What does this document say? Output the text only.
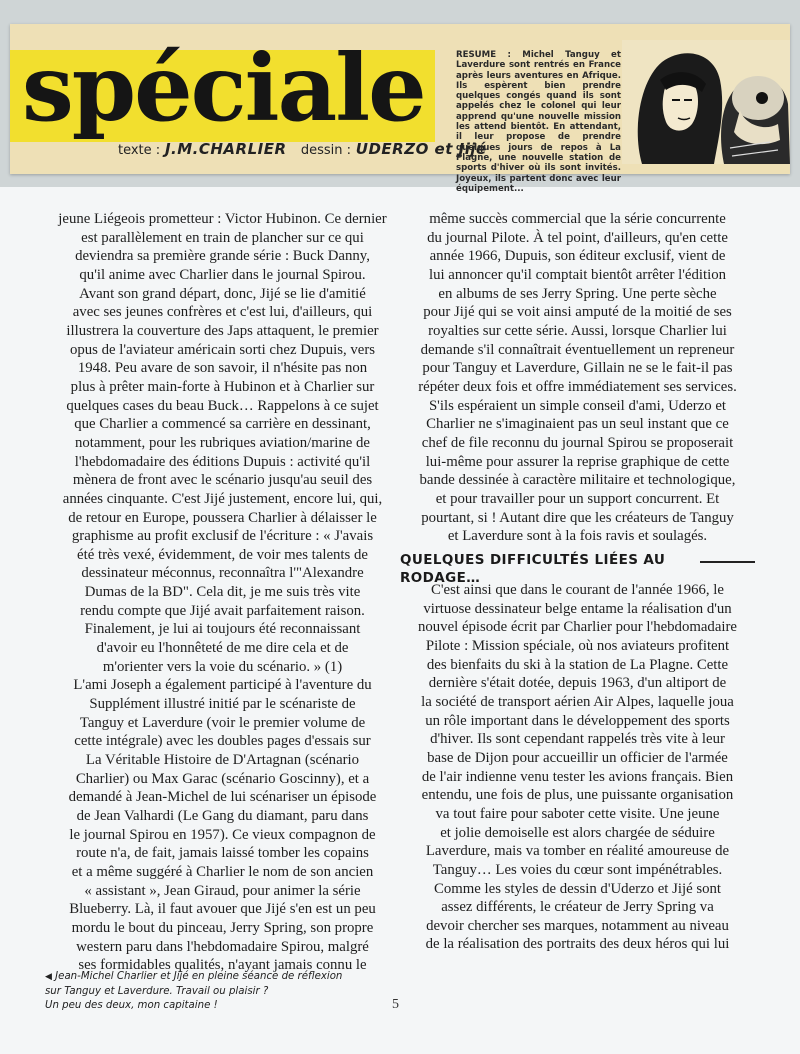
spéciale
texte : J.M.CHARLIER dessin : UDERZO et Jijé
RESUME : Michel Tanguy et Laverdure sont rentrés en France après leurs aventures en Afrique. Ils espèrent bien prendre quelques congés quand ils sont appelés chez le colonel qui leur apprend qu'une nouvelle mission les attend bientôt. En attendant, il leur propose de prendre quelques jours de repos à La Plagne, une nouvelle station de sports d'hiver où ils sont invités. Joyeux, ils partent donc avec leur équipement...
jeune Liégeois prometteur : Victor Hubinon. Ce dernier
est parallèlement en train de plancher sur ce qui
deviendra sa première grande série : Buck Danny,
qu'il anime avec Charlier dans le journal Spirou.
Avant son grand départ, donc, Jijé se lie d'amitié
avec ses jeunes confrères et c'est lui, d'ailleurs, qui
illustrera la couverture des Japs attaquent, le premier
opus de l'aviateur américain sorti chez Dupuis, vers
1948. Peu avare de son savoir, il n'hésite pas non
plus à prêter main-forte à Hubinon et à Charlier sur
quelques cases du beau Buck… Rappelons à ce sujet
que Charlier a commencé sa carrière en dessinant,
notamment, pour les rubriques aviation/marine de
l'hebdomadaire des éditions Dupuis : activité qu'il
mènera de front avec le scénario jusqu'au seuil des
années cinquante. C'est Jijé justement, encore lui, qui,
de retour en Europe, poussera Charlier à délaisser le
graphisme au profit exclusif de l'écriture : « J'avais
été très vexé, évidemment, de voir mes talents de
dessinateur méconnus, reconnaîtra l'"Alexandre
Dumas de la BD". Cela dit, je me suis très vite
rendu compte que Jijé avait parfaitement raison.
Finalement, je lui ai toujours été reconnaissant
d'avoir eu l'honnêteté de me dire cela et de
m'orienter vers la voie du scénario. » (1)
L'ami Joseph a également participé à l'aventure du
Supplément illustré initié par le scénariste de
Tanguy et Laverdure (voir le premier volume de
cette intégrale) avec les doubles pages d'essais sur
La Véritable Histoire de D'Artagnan (scénario
Charlier) ou Max Garac (scénario Goscinny), et a
demandé à Jean-Michel de lui scénariser un épisode
de Jean Valhardi (Le Gang du diamant, paru dans
le journal Spirou en 1957). Ce vieux compagnon de
route n'a, de fait, jamais laissé tomber les copains
et a même suggéré à Charlier le nom de son ancien
« assistant », Jean Giraud, pour animer la série
Blueberry. Là, il faut avouer que Jijé s'en est un peu
mordu le bout du pinceau, Jerry Spring, son propre
western paru dans l'hebdomadaire Spirou, malgré
ses formidables qualités, n'ayant jamais connu le
même succès commercial que la série concurrente
du journal Pilote. À tel point, d'ailleurs, qu'en cette
année 1966, Dupuis, son éditeur exclusif, vient de
lui annoncer qu'il comptait bientôt arrêter l'édition
en albums de ses Jerry Spring. Une perte sèche
pour Jijé qui se voit ainsi amputé de la moitié de ses
royalties sur cette série. Aussi, lorsque Charlier lui
demande s'il connaîtrait éventuellement un repreneur
pour Tanguy et Laverdure, Gillain ne se le fait-il pas
répéter deux fois et offre immédiatement ses services.
S'ils espéraient un simple conseil d'ami, Uderzo et
Charlier ne s'imaginaient pas un seul instant que ce
chef de file reconnu du journal Spirou se proposerait
lui-même pour assurer la reprise graphique de cette
bande dessinée à caractère militaire et technologique,
et pour travailler pour un support concurrent. Et
pourtant, si ! Autant dire que les créateurs de Tanguy
et Laverdure sont à la fois ravis et soulagés.
QUELQUES DIFFICULTÉS LIÉES AU RODAGE…
C'est ainsi que dans le courant de l'année 1966, le
virtuose dessinateur belge entame la réalisation d'un
nouvel épisode écrit par Charlier pour l'hebdomadaire
Pilote : Mission spéciale, où nos aviateurs profitent
des bienfaits du ski à la station de La Plagne. Cette
dernière s'était dotée, depuis 1963, d'un altiport de
la société de transport aérien Air Alpes, laquelle joua
un rôle important dans le développement des sports
d'hiver. Ils sont cependant rappelés très vite à leur
base de Dijon pour accueillir un officier de l'armée
de l'air indienne venu tester les avions français. Bien
entendu, une fois de plus, une puissante organisation
va tout faire pour saboter cette visite. Une jeune
et jolie demoiselle est alors chargée de séduire
Laverdure, mais va tomber en réalité amoureuse de
Tanguy… Les voies du cœur sont impénétrables.
Comme les styles de dessin d'Uderzo et Jijé sont
assez différents, le créateur de Jerry Spring va
devoir chercher ses marques, notamment au niveau
de la réalisation des portraits des deux héros qui lui
◀ Jean-Michel Charlier et Jijé en pleine séance de réflexion
sur Tanguy et Laverdure. Travail ou plaisir ?
Un peu des deux, mon capitaine !	5
